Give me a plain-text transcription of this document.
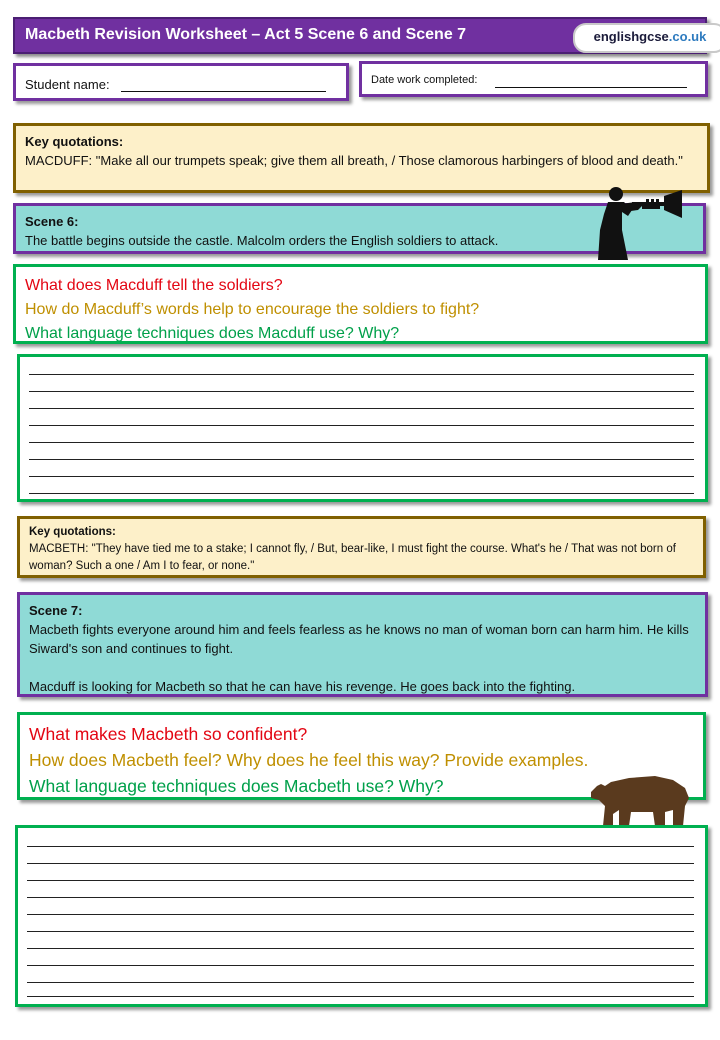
Macbeth Revision Worksheet – Act 5 Scene 6 and Scene 7	englishgcse.co.uk
Student name:	Date work completed:
Key quotations:
MACDUFF: "Make all our trumpets speak; give them all breath, / Those clamorous harbingers of blood and death."
Scene 6:
The battle begins outside the castle. Malcolm orders the English soldiers to attack.
What does Macduff tell the soldiers?
How do Macduff’s words help to encourage the soldiers to fight?
What language techniques does Macduff use? Why?
Key quotations:
MACBETH: "They have tied me to a stake; I cannot fly, / But, bear-like, I must fight the course. What's he / That was not born of woman? Such a one / Am I to fear, or none."
Scene 7:
Macbeth fights everyone around him and feels fearless as he knows no man of woman born can harm him. He kills Siward's son and continues to fight.
Macduff is looking for Macbeth so that he can have his revenge. He goes back into the fighting.
What makes Macbeth so confident?
How does Macbeth feel? Why does he feel this way? Provide examples.
What language techniques does Macbeth use? Why?
